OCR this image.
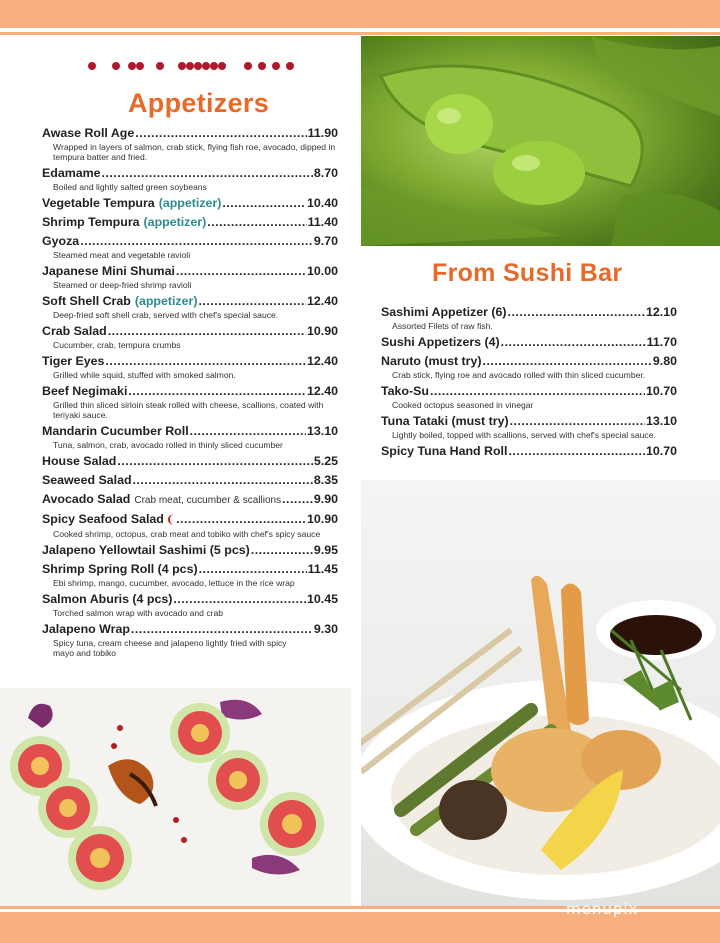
Appetizers
Awase Roll Age .....	11.90
Wrapped in layers of salmon, crab stick, flying fish roe, avocado, dipped in tempura batter and fried.
Edamame .....	8.70
Boiled and lightly salted green soybeans
Vegetable Tempura (appetizer) .....	10.40
Shrimp Tempura (appetizer) .....	11.40
Gyoza .....	9.70
Steamed meat and vegetable ravioli
Japanese Mini Shumai .....	10.00
Steamed or deep-fried shrimp ravioli
Soft Shell Crab (appetizer) .....	12.40
Deep-fried soft shell crab, served with chef's special sauce.
Crab Salad .....	10.90
Cucumber, crab, tempura crumbs
Tiger Eyes .....	12.40
Grilled while squid, stuffed with smoked salmon.
Beef Negimaki .....	12.40
Grilled thin sliced sirloin steak rolled with cheese, scallions, coated with teriyaki sauce.
Mandarin Cucumber Roll .....	13.10
Tuna, salmon, crab, avocado rolled in thinly sliced cucumber
House Salad .....	5.25
Seaweed Salad .....	8.35
Avocado Salad Crab meat, cucumber & scallions .....	9.90
Spicy Seafood Salad ❨ .....	10.90
Cooked shrimp, octopus, crab meat and tobiko with chef's spicy sauce
Jalapeno Yellowtail Sashimi (5 pcs) .....	9.95
Shrimp Spring Roll (4 pcs) .....	11.45
Ebi shrimp, mango, cucumber, avocado, lettuce in the rice wrap
Salmon Aburis (4 pcs) .....	10.45
Torched salmon wrap with avocado and crab
Jalapeno Wrap .....	9.30
Spicy tuna, cream cheese and jalapeno lightly fried with spicy mayo and tobiko
From Sushi Bar
Sashimi Appetizer (6) .....	12.10
Assorted Filets of raw fish.
Sushi Appetizers (4) .....	11.70
Naruto (must try) .....	9.80
Crab stick, flying roe and avocado rolled with thin sliced cucumber.
Tako-Su .....	10.70
Cooked octopus seasoned in vinegar
Tuna Tataki (must try) .....	13.10
Lightly boiled, topped with scallions, served with chef's special sauce.
Spicy Tuna Hand Roll .....	10.70
menupix
